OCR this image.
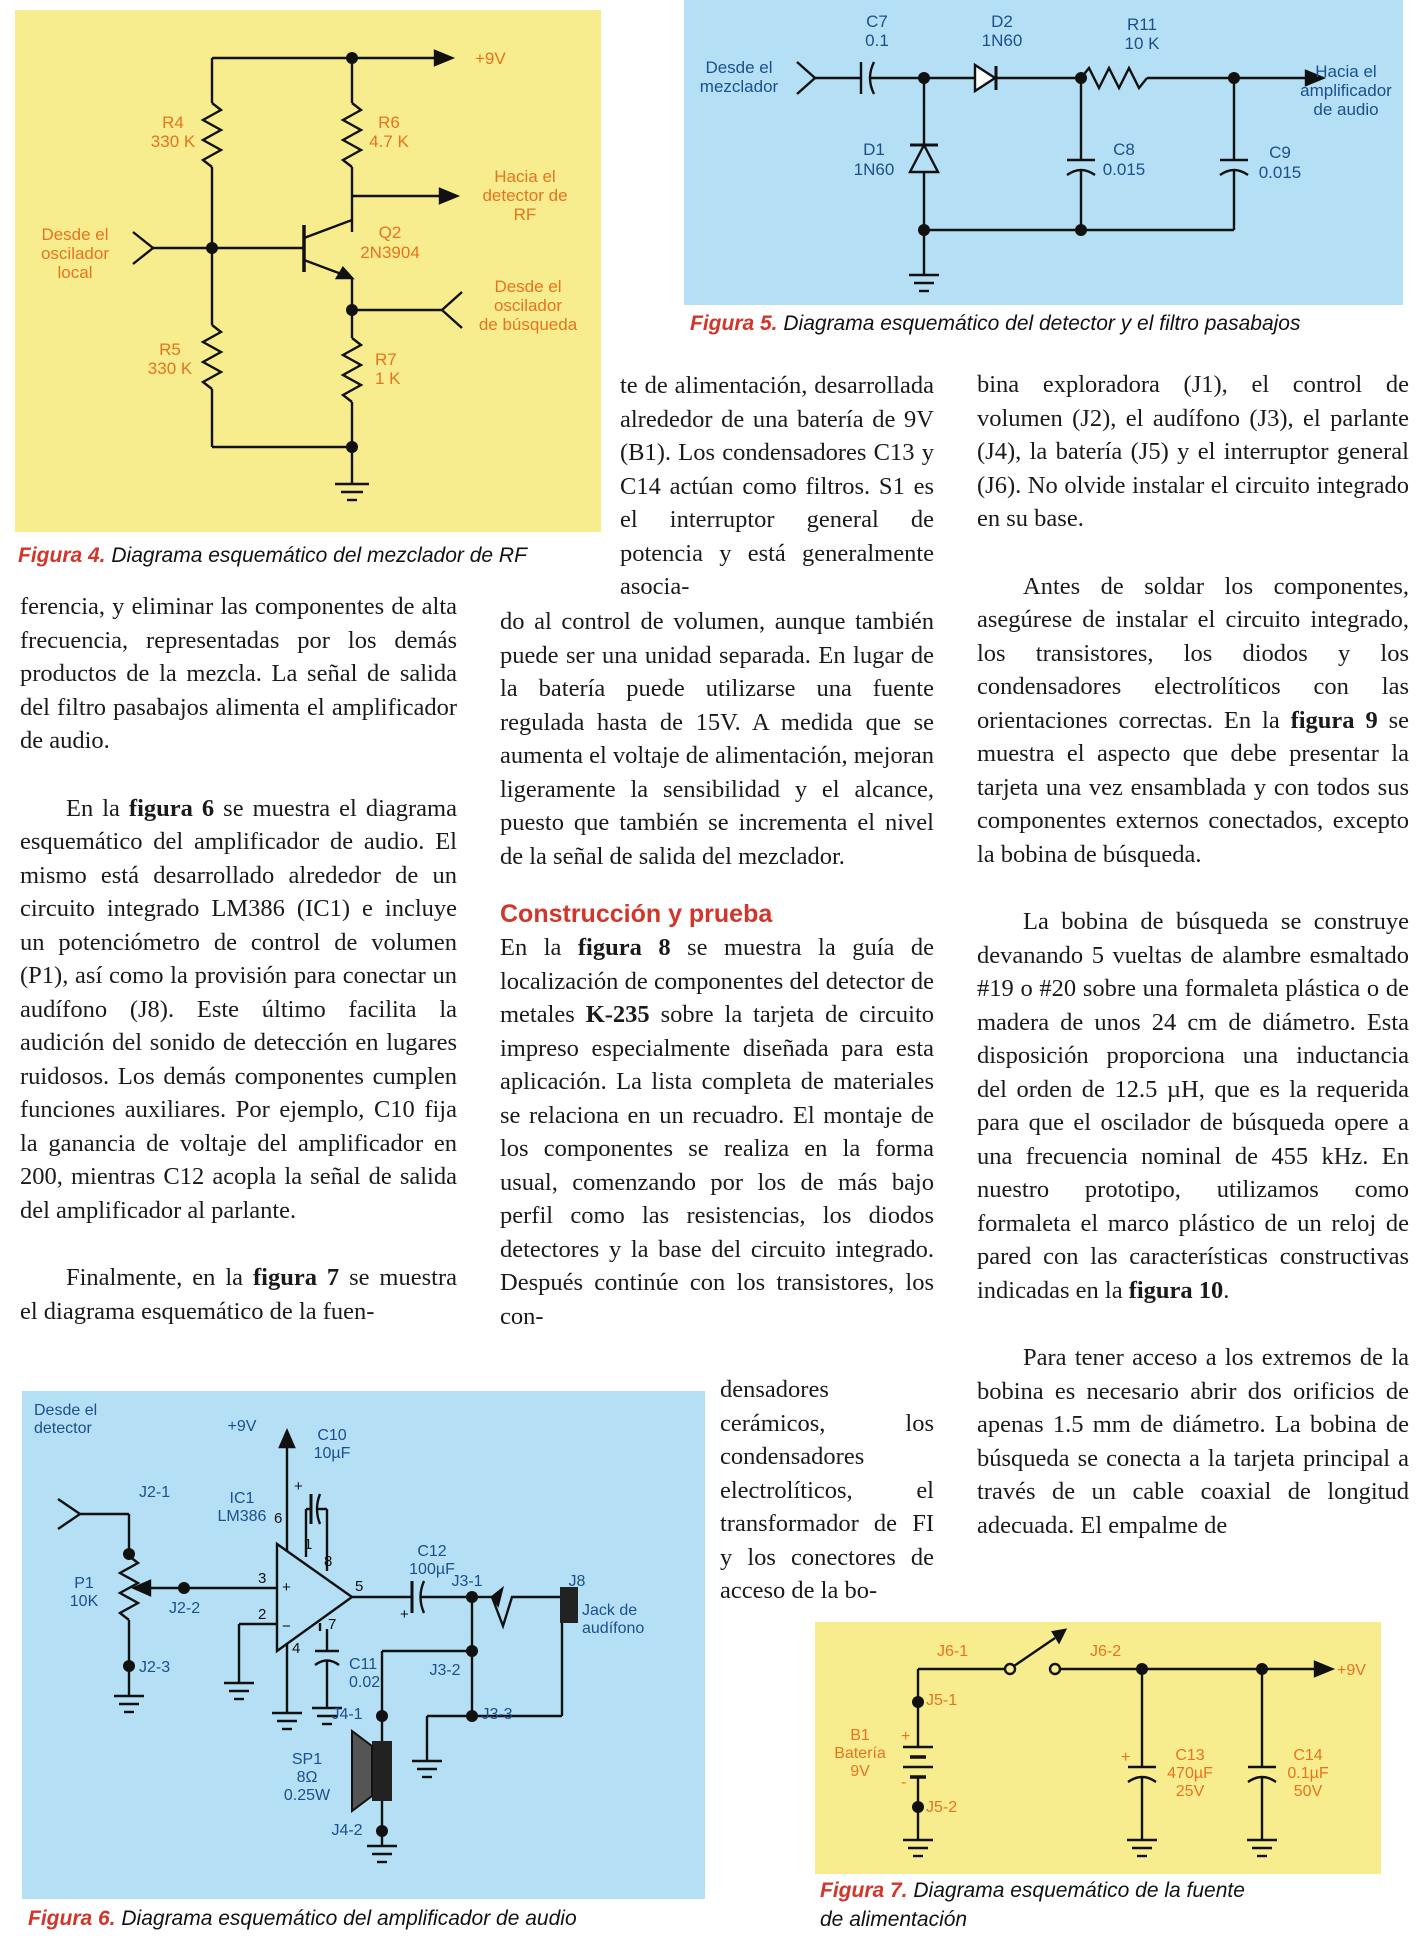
+9V
R4
330 K
R6
4.7 K
Hacia el
detector de
RF
Desde el
oscilador
local
Q2
2N3904
Desde el
oscilador
de búsqueda
R5
330 K	R7
1 K
Figura 4. Diagrama esquemático del mezclador de RF
C7
0.1
D2
1N60
R11
10 K
Desde el
mezclador
Hacia el
amplificador
de audio
D1
1N60
C8
0.015
C9
0.015
Figura 5. Diagrama esquemático del detector y el filtro pasabajos

ferencia, y eliminar las componentes de alta frecuencia, representadas por los demás productos de la mezcla. La señal de salida del filtro pasabajos alimenta el amplificador de audio.

En la figura 6 se muestra el diagrama esquemático del amplificador de audio. El mismo está desarrollado alrededor de un circuito integrado LM386 (IC1) e incluye un potenciómetro de control de volumen (P1), así como la provisión para conectar un audífono (J8). Este último facilita la audición del sonido de detección en lugares ruidosos. Los demás componentes cumplen funciones auxiliares. Por ejemplo, C10 fija la ganancia de voltaje del amplificador en 200, mientras C12 acopla la señal de salida del amplificador al parlante.

Finalmente, en la figura 7 se muestra el diagrama esquemático de la fuen-

te de alimentación, desarrollada alrededor de una batería de 9V (B1). Los condensadores C13 y C14 actúan como filtros. S1 es el interruptor general de potencia y está generalmente asocia-

do al control de volumen, aunque también puede ser una unidad separada. En lugar de la batería puede utilizarse una fuente regulada hasta de 15V. A medida que se aumenta el voltaje de alimentación, mejoran ligeramente la sensibilidad y el alcance, puesto que también se incrementa el nivel de la señal de salida del mezclador.

Construcción y prueba

En la figura 8 se muestra la guía de localización de componentes del detector de metales K-235 sobre la tarjeta de circuito impreso especialmente diseñada para esta aplicación. La lista completa de materiales se relaciona en un recuadro. El montaje de los componentes se realiza en la forma usual, comenzando por los de más bajo perfil como las resistencias, los diodos detectores y la base del circuito integrado. Después continúe con los transistores, los con-

densadores cerámicos, los condensadores electrolíticos, el transformador de FI y los conectores de acceso de la bo-

bina exploradora (J1), el control de volumen (J2), el audífono (J3), el parlante (J4), la batería (J5) y el interruptor general (J6). No olvide instalar el circuito integrado en su base.

Antes de soldar los componentes, asegúrese de instalar el circuito integrado, los transistores, los diodos y los condensadores electrolíticos con las orientaciones correctas. En la figura 9 se muestra el aspecto que debe presentar la tarjeta una vez ensamblada y con todos sus componentes externos conectados, excepto la bobina de búsqueda.

La bobina de búsqueda se construye devanando 5 vueltas de alambre esmaltado #19 o #20 sobre una formaleta plástica o de madera de unos 24 cm de diámetro. Esta disposición proporciona una inductancia del orden de 12.5 µH, que es la requerida para que el oscilador de búsqueda opere a una frecuencia nominal de 455 kHz. En nuestro prototipo, utilizamos como formaleta el marco plástico de un reloj de pared con las características constructivas indicadas en la figura 10.

Para tener acceso a los extremos de la bobina es necesario abrir dos orificios de apenas 1.5 mm de diámetro. La bobina de búsqueda se conecta a la tarjeta principal a través de un cable coaxial de longitud adecuada. El empalme de

Desde el
detector	+9V
C10
10µF
J2-1	IC1
LM386
C12
100µF
P1
10K	J2-2
J3-1	J8
Jack de
audífono
J2-3	C11
0.02
J3-2
J4-1	J3-3
SP1
8Ω
0.25W
J4-2
6
1
8
3	5
2
7
4
+
−
+
+
Figura 6. Diagrama esquemático del amplificador de audio
J6-1	J6-2
+9V
J5-1
B1
Batería
9V
J5-2
C13
470µF
25V
C14
0.1µF
50V
+
-
+
Figura 7. Diagrama esquemático de la fuente
de alimentación
